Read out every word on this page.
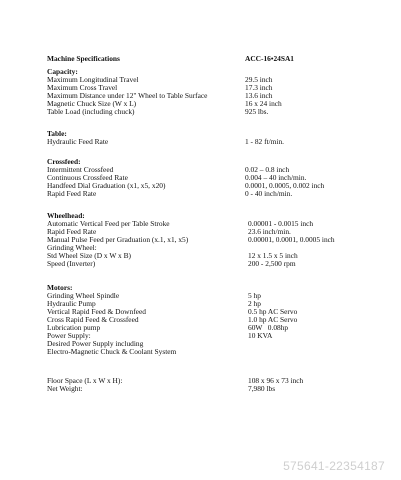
Machine Specifications	ACC-16•24SA1
Capacity:
Maximum Longitudinal Travel	29.5 inch
Maximum Cross Travel	17.3 inch
Maximum Distance under 12" Wheel to Table Surface	13.6 inch
Magnetic Chuck Size (W x L)	16 x 24 inch
Table Load (including chuck)	925 lbs.
Table:
Hydraulic Feed Rate	1 - 82 ft/min.
Crossfeed:
Intermittent Crossfeed	0.02 – 0.8 inch
Continuous Crossfeed Rate	0.004 – 40 inch/min.
Handfeed Dial Graduation (x1, x5, x20)	0.0001, 0.0005, 0.002 inch
Rapid Feed Rate	0 - 40 inch/min.
Wheelhead:
Automatic Vertical Feed per Table Stroke	0.00001 - 0.0015 inch
Rapid Feed Rate	23.6 inch/min.
Manual Pulse Feed per Graduation (x.1, x1, x5)	0.00001, 0.0001, 0.0005 inch
Grinding Wheel:
Std Wheel Size (D x W x B)	12 x 1.5 x 5 inch
Speed (Inverter)	200 - 2,500 rpm
Motors:
Grinding Wheel Spindle	5 hp
Hydraulic Pump	2 hp
Vertical Rapid Feed & Downfeed	0.5 hp AC Servo
Cross Rapid Feed & Crossfeed	1.0 hp AC Servo
Lubrication pump	60W   0.08hp
Power Supply:	10 KVA
Desired Power Supply including
Electro-Magnetic Chuck & Coolant System
Floor Space (L x W x H):	108 x 96 x 73 inch
Net Weight:	7,980 lbs
575641-22354187
